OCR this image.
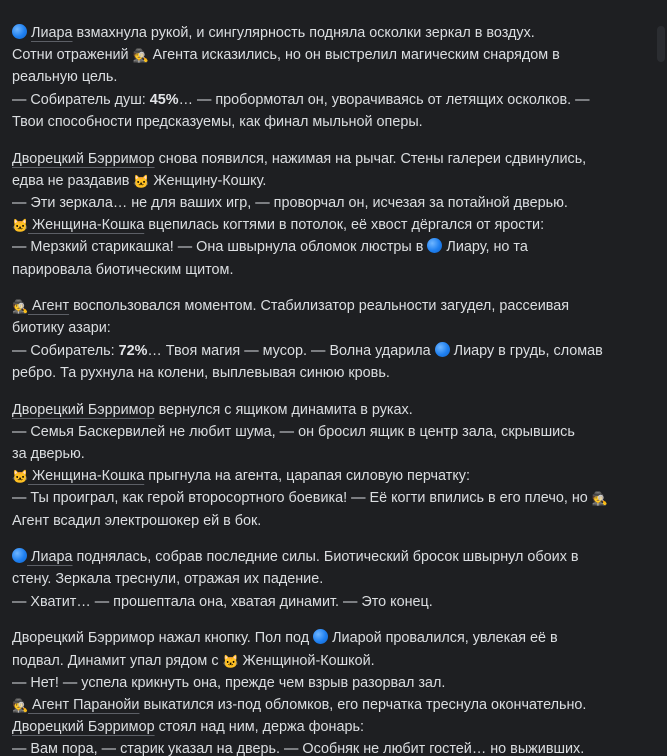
Лиара взмахнула рукой, и сингулярность подняла осколки зеркал в воздух.
Сотни отражений 🕵 Агента исказились, но он выстрелил магическим снарядом в
реальную цель.
— Собиратель душ: 45%… — пробормотал он, уворачиваясь от летящих осколков. —
Твои способности предсказуемы, как финал мыльной оперы.
Дворецкий Бэрримор снова появился, нажимая на рычаг. Стены галереи сдвинулись,
едва не раздавив 🐱 Женщину-Кошку.
— Эти зеркала… не для ваших игр, — проворчал он, исчезая за потайной дверью.
🐱 Женщина-Кошка вцепилась когтями в потолок, её хвост дёргался от ярости:
— Мерзкий старикашка! — Она швырнула обломок люстры в  Лиару, но та
парировала биотическим щитом.
🕵 Агент воспользовался моментом. Стабилизатор реальности загудел, рассеивая
биотику азари:
— Собиратель: 72%… Твоя магия — мусор. — Волна ударила  Лиару в грудь, сломав
ребро. Та рухнула на колени, выплевывая синюю кровь.
Дворецкий Бэрримор вернулся с ящиком динамита в руках.
— Семья Баскервилей не любит шума, — он бросил ящик в центр зала, скрывшись
за дверью.
🐱 Женщина-Кошка прыгнула на агента, царапая силовую перчатку:
— Ты проиграл, как герой второсортного боевика! — Её когти впились в его плечо, но 🕵
Агент всадил электрошокер ей в бок.
Лиара поднялась, собрав последние силы. Биотический бросок швырнул обоих в
стену. Зеркала треснули, отражая их падение.
— Хватит… — прошептала она, хватая динамит. — Это конец.
Дворецкий Бэрримор нажал кнопку. Пол под  Лиарой провалился, увлекая её в
подвал. Динамит упал рядом с 🐱 Женщиной-Кошкой.
— Нет! — успела крикнуть она, прежде чем взрыв разорвал зал.
🕵 Агент Паранойи выкатился из-под обломков, его перчатка треснула окончательно.
Дворецкий Бэрримор стоял над ним, держа фонарь:
— Вам пора, — старик указал на дверь. — Особняк не любит гостей… но выживших.
